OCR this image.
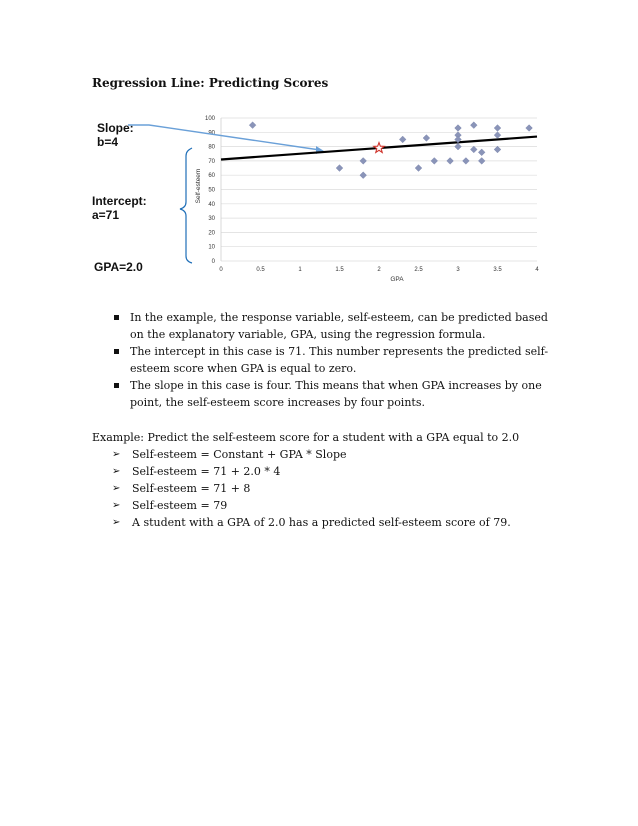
Regression Line: Predicting Scores
Slope:
b=4
Intercept:
a=71
GPA=2.0	0
10
20
30
40
50
60
70
80
90
100
0	0.5	1	1.5	2	2.5	3	3.5	4
Self-esteem
GPA
In the example, the response variable, self-esteem, can be predicted based on the explanatory variable, GPA, using the regression formula.
The intercept in this case is 71. This number represents the predicted self-esteem score when GPA is equal to zero.
The slope in this case is four. This means that when GPA increases by one point, the self-esteem score increases by four points.
Example: Predict the self-esteem score for a student with a GPA equal to 2.0
➢ Self-esteem = Constant + GPA * Slope
➢ Self-esteem = 71 + 2.0 * 4
➢ Self-esteem = 71 + 8
➢ Self-esteem = 79
➢ A student with a GPA of 2.0 has a predicted self-esteem score of 79.
